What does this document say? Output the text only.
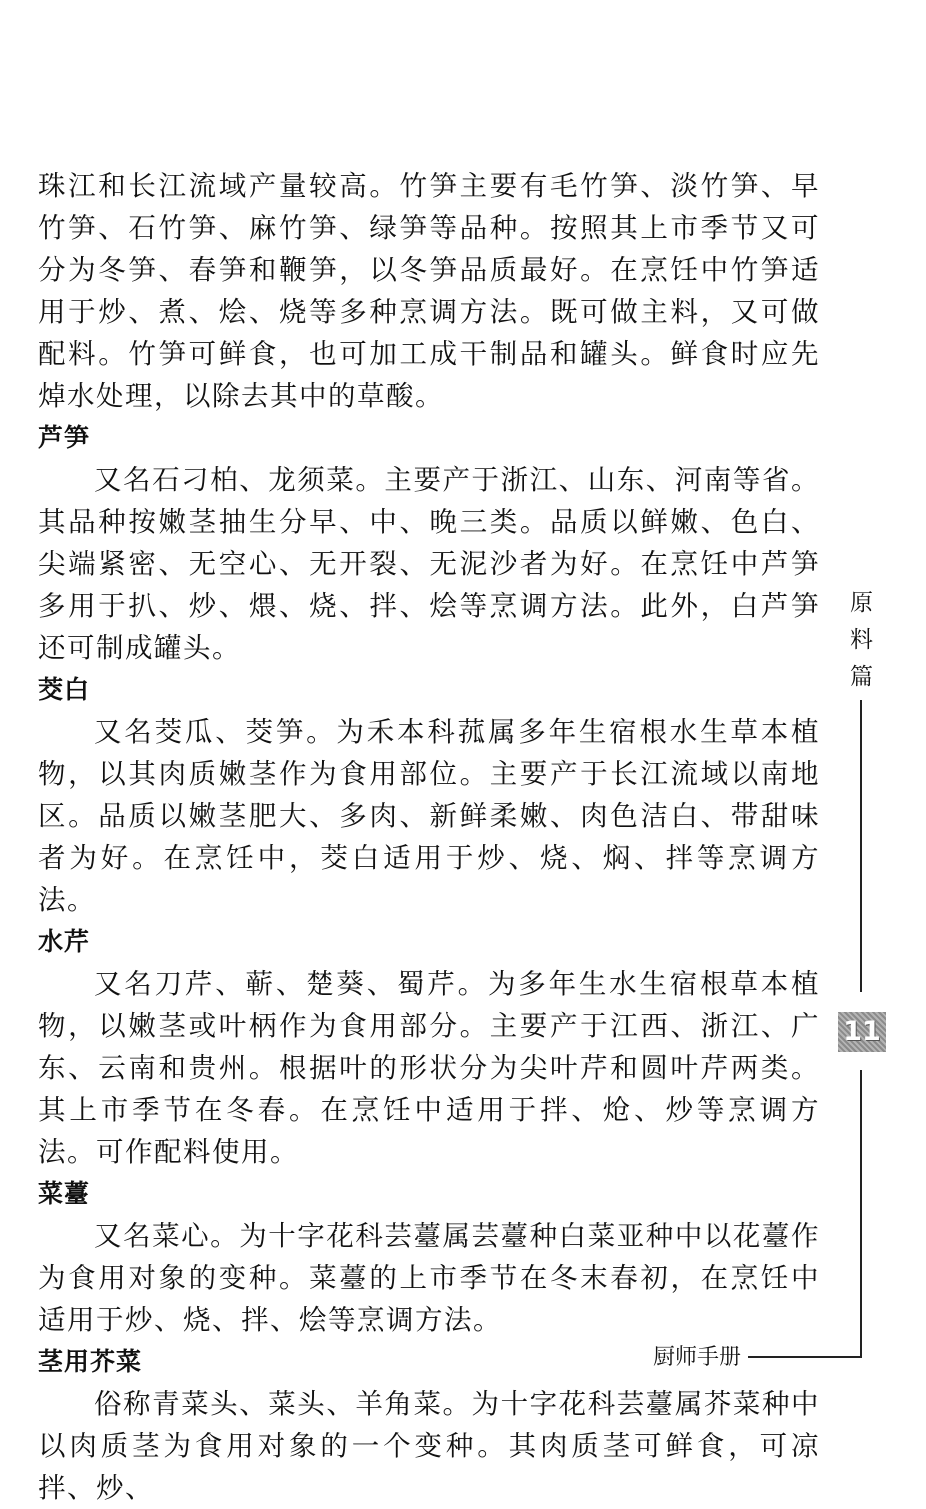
珠江和长江流域产量较高。竹笋主要有毛竹笋、淡竹笋、早竹笋、石竹笋、麻竹笋、绿笋等品种。按照其上市季节又可分为冬笋、春笋和鞭笋，以冬笋品质最好。在烹饪中竹笋适用于炒、煮、烩、烧等多种烹调方法。既可做主料，又可做配料。竹笋可鲜食，也可加工成干制品和罐头。鲜食时应先焯水处理，以除去其中的草酸。

芦笋

又名石刁柏、龙须菜。主要产于浙江、山东、河南等省。其品种按嫩茎抽生分早、中、晚三类。品质以鲜嫩、色白、尖端紧密、无空心、无开裂、无泥沙者为好。在烹饪中芦笋多用于扒、炒、煨、烧、拌、烩等烹调方法。此外，白芦笋还可制成罐头。

茭白

又名茭瓜、茭笋。为禾本科菰属多年生宿根水生草本植物，以其肉质嫩茎作为食用部位。主要产于长江流域以南地区。品质以嫩茎肥大、多肉、新鲜柔嫩、肉色洁白、带甜味者为好。在烹饪中，茭白适用于炒、烧、焖、拌等烹调方法。

水芹

又名刀芹、蕲、楚葵、蜀芹。为多年生水生宿根草本植物，以嫩茎或叶柄作为食用部分。主要产于江西、浙江、广东、云南和贵州。根据叶的形状分为尖叶芹和圆叶芹两类。其上市季节在冬春。在烹饪中适用于拌、炝、炒等烹调方法。可作配料使用。

菜薹

又名菜心。为十字花科芸薹属芸薹种白菜亚种中以花薹作为食用对象的变种。菜薹的上市季节在冬末春初，在烹饪中适用于炒、烧、拌、烩等烹调方法。

茎用芥菜

俗称青菜头、菜头、羊角菜。为十字花科芸薹属芥菜种中以肉质茎为食用对象的一个变种。其肉质茎可鲜食，可凉拌、炒、

原
料
篇
11
厨师手册
